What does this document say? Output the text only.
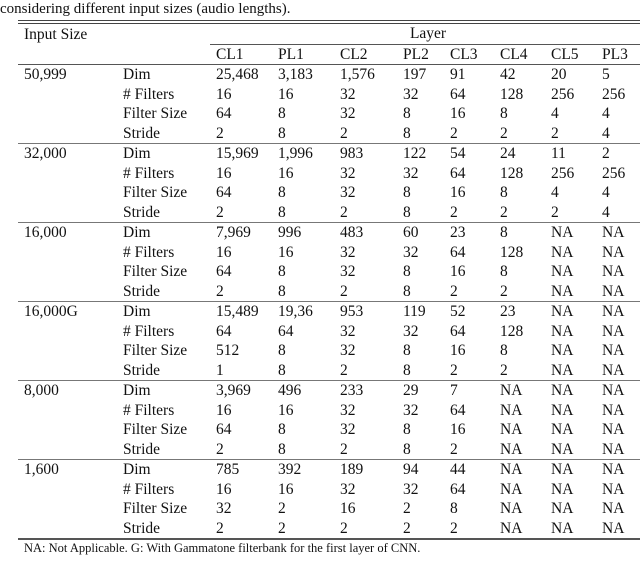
considering different input sizes (audio lengths).
Input Size		Layer							
		CL1	PL1	CL2	PL2	CL3	CL4	CL5	PL3
50,999	Dim	25,468	3,183	1,576	197	91	42	20	5
	# Filters	16	16	32	32	64	128	256	256
	Filter Size	64	8	32	8	16	8	4	4
	Stride	2	8	2	8	2	2	2	4
32,000	Dim	15,969	1,996	983	122	54	24	11	2
	# Filters	16	16	32	32	64	128	256	256
	Filter Size	64	8	32	8	16	8	4	4
	Stride	2	8	2	8	2	2	2	4
16,000	Dim	7,969	996	483	60	23	8	NA	NA
	# Filters	16	16	32	32	64	128	NA	NA
	Filter Size	64	8	32	8	16	8	NA	NA
	Stride	2	8	2	8	2	2	NA	NA
16,000G	Dim	15,489	19,36	953	119	52	23	NA	NA
	# Filters	64	64	32	32	64	128	NA	NA
	Filter Size	512	8	32	8	16	8	NA	NA
	Stride	1	8	2	8	2	2	NA	NA
8,000	Dim	3,969	496	233	29	7	NA	NA	NA
	# Filters	16	16	32	32	64	NA	NA	NA
	Filter Size	64	8	32	8	16	NA	NA	NA
	Stride	2	8	2	8	2	NA	NA	NA
1,600	Dim	785	392	189	94	44	NA	NA	NA
	# Filters	16	16	32	32	64	NA	NA	NA
	Filter Size	32	2	16	2	8	NA	NA	NA
	Stride	2	2	2	2	2	NA	NA	NA
NA: Not Applicable. G: With Gammatone filterbank for the first layer of CNN.
